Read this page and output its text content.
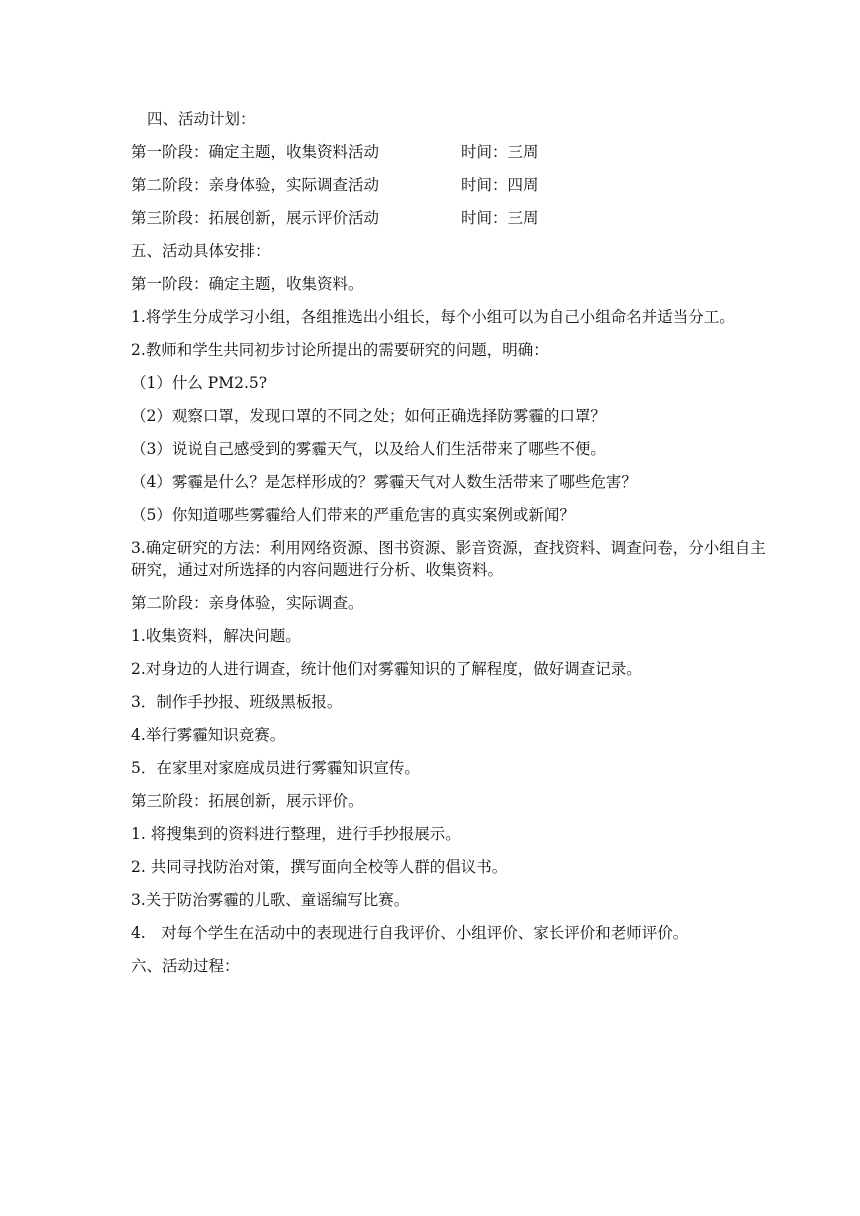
四、活动计划：

第一阶段：确定主题，收集资料活动	时间：三周
第二阶段：亲身体验，实际调查活动	时间：四周
第三阶段：拓展创新，展示评价活动	时间：三周

五、活动具体安排：

第一阶段：确定主题，收集资料。

1.将学生分成学习小组，各组推选出小组长，每个小组可以为自己小组命名并适当分工。

2.教师和学生共同初步讨论所提出的需要研究的问题，明确：

（1）什么 PM2.5?

（2）观察口罩，发现口罩的不同之处；如何正确选择防雾霾的口罩？

（3）说说自己感受到的雾霾天气，以及给人们生活带来了哪些不便。

（4）雾霾是什么？是怎样形成的？雾霾天气对人数生活带来了哪些危害？

（5）你知道哪些雾霾给人们带来的严重危害的真实案例或新闻？

3.确定研究的方法：利用网络资源、图书资源、影音资源，查找资料、调查问卷，分小组自主研究，通过对所选择的内容问题进行分析、收集资料。

第二阶段：亲身体验，实际调查。

1.收集资料，解决问题。

2.对身边的人进行调查，统计他们对雾霾知识的了解程度，做好调查记录。

3．制作手抄报、班级黑板报。

4.举行雾霾知识竞赛。

5．在家里对家庭成员进行雾霾知识宣传。

第三阶段：拓展创新，展示评价。

1. 将搜集到的资料进行整理，进行手抄报展示。

2. 共同寻找防治对策，撰写面向全校等人群的倡议书。

3.关于防治雾霾的儿歌、童谣编写比赛。

4.　对每个学生在活动中的表现进行自我评价、小组评价、家长评价和老师评价。

六、活动过程：
